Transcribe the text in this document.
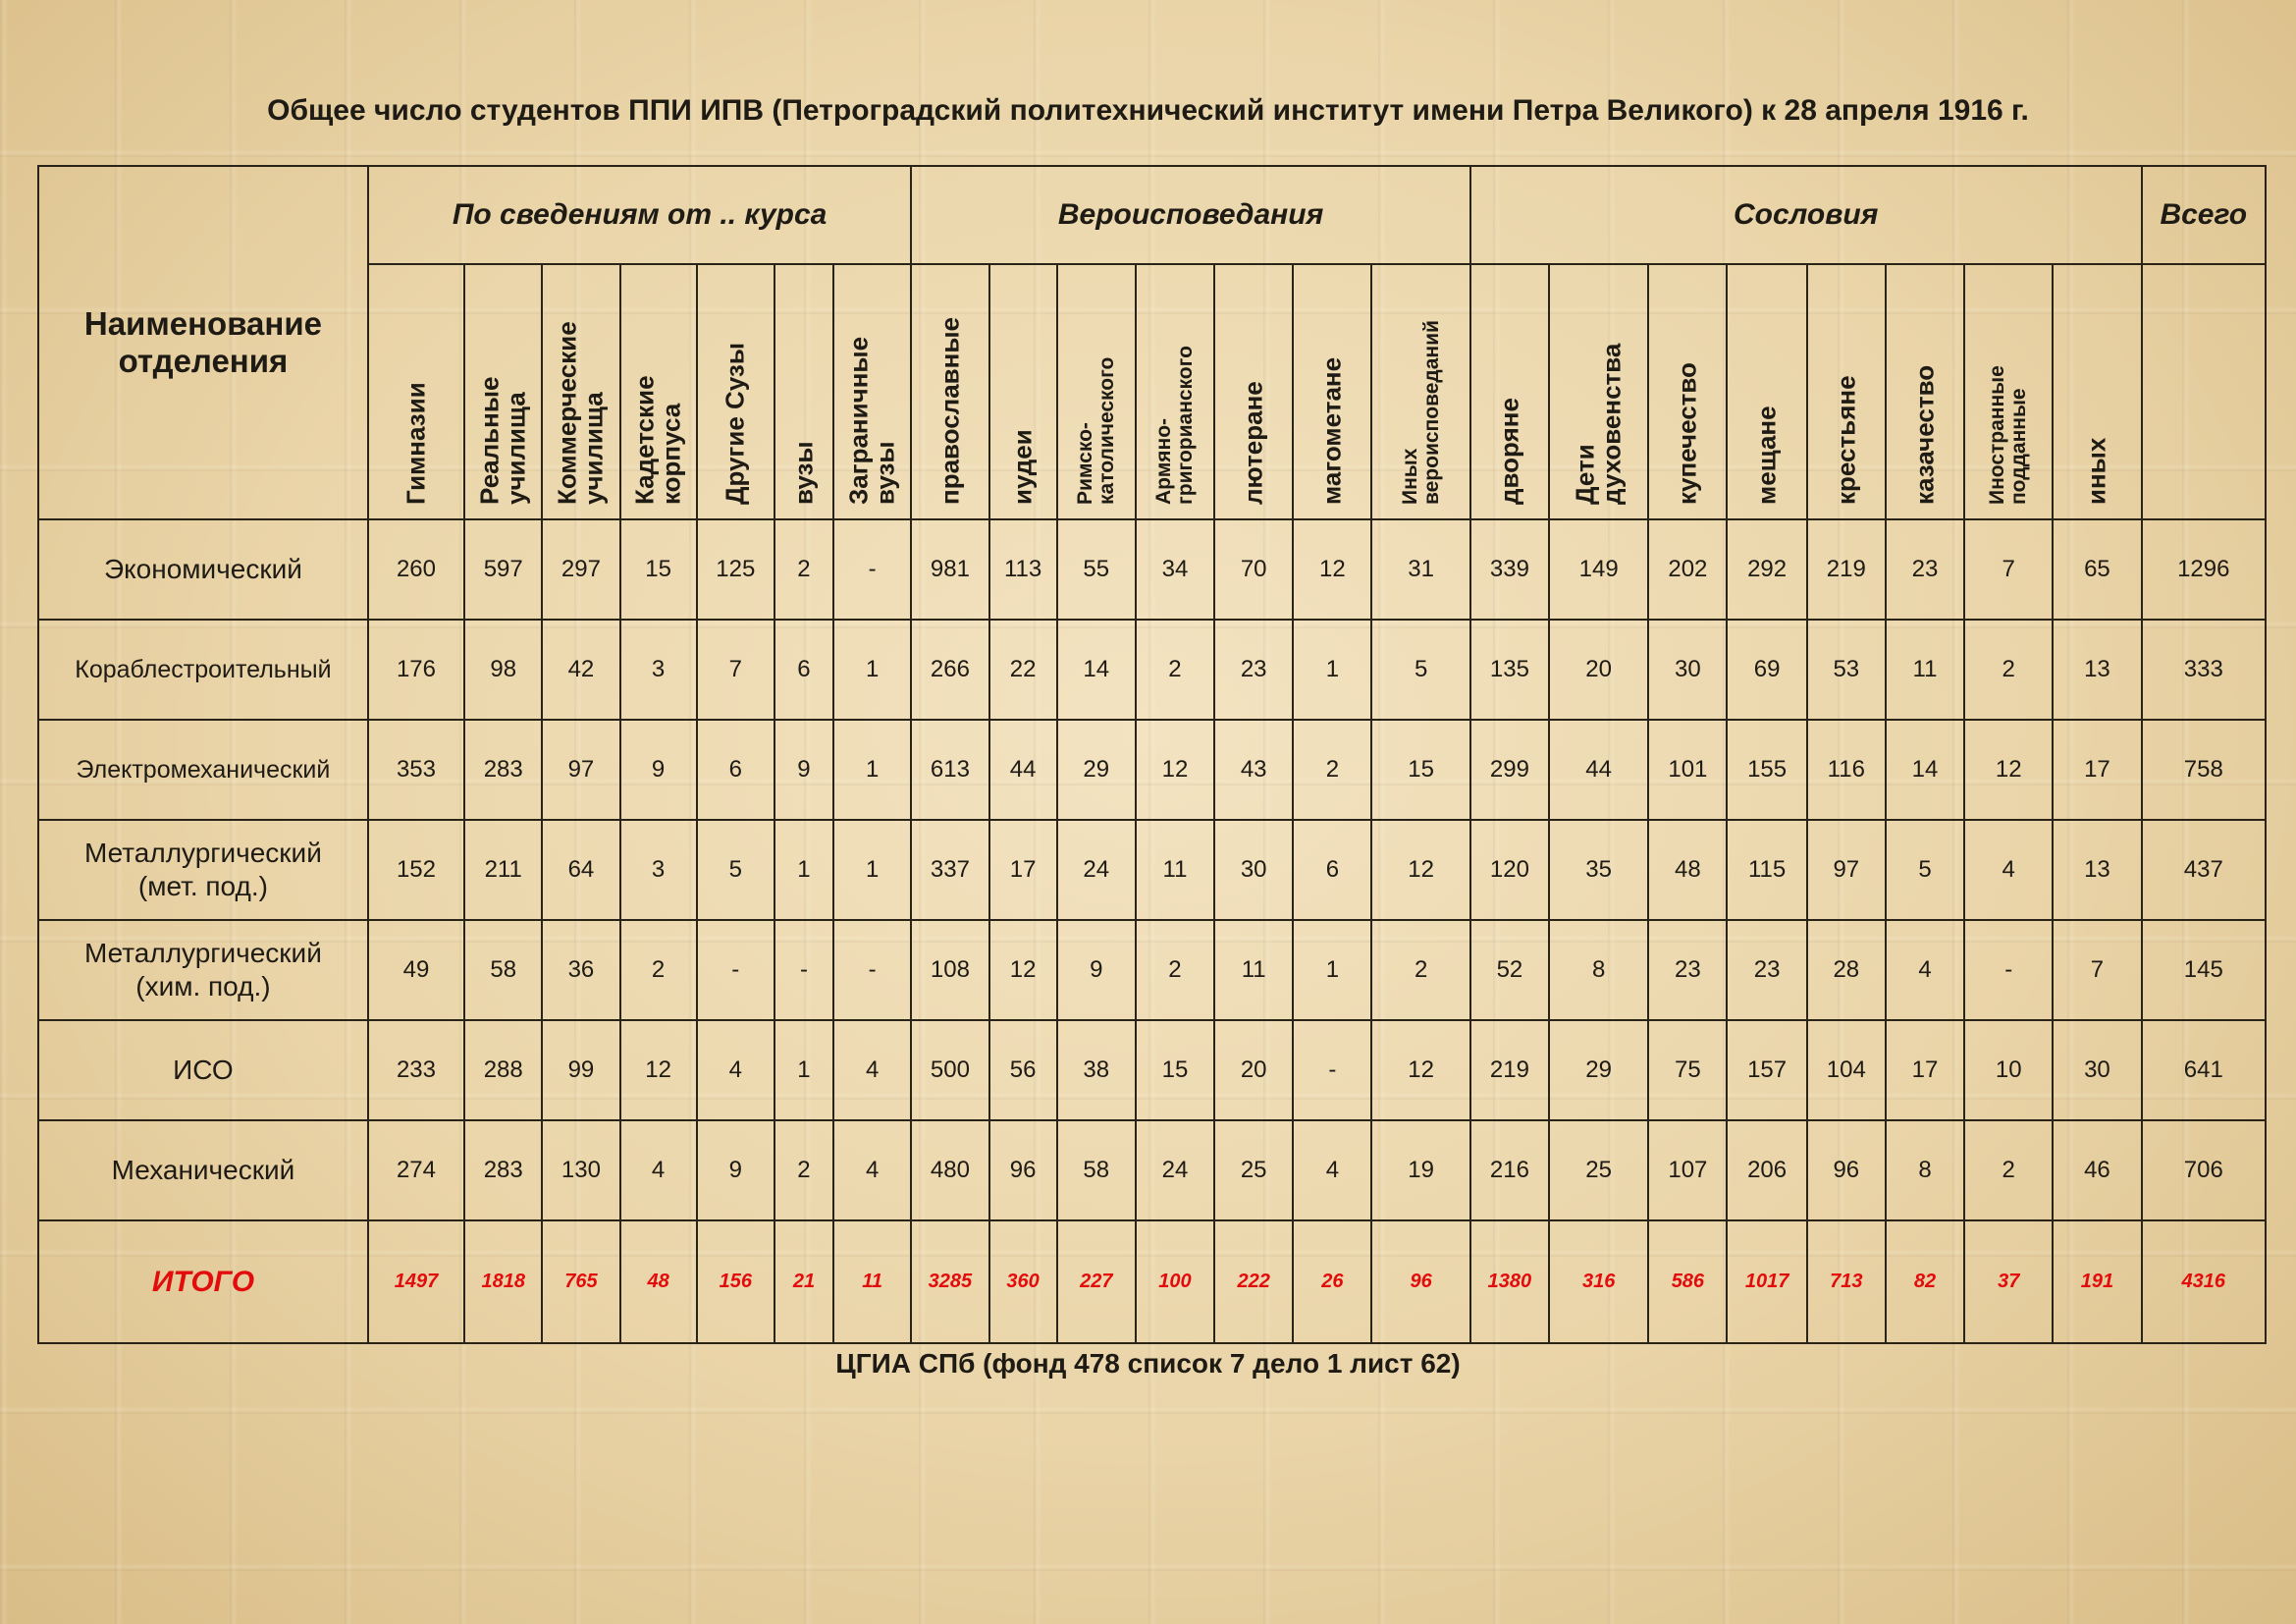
Общее число студентов ППИ ИПВ (Петроградский политехнический институт имени Петра Великого) к 28 апреля 1916 г.
Наименование
отделения	По сведениям от .. курса							Вероисповедания							Сословия								Всего

	Гимназии	Реальные
училища	Коммерческие
училища	Кадетские
корпуса	Другие Сузы	вузы	Заграничные
вузы	православные	иудеи	Римско-
католического	Армяно-
григорианского	лютеране	магометане	Иных
вероисповеданий	дворяне	Дети
духовенства	купечество	мещане	крестьяне	казачество	Иностранные
подданные	иных	

Экономический	260	597	297	15	125	2	-	981	113	55	34	70	12	31	339	149	202	292	219	23	7	65	1296
Кораблестроительный	176	98	42	3	7	6	1	266	22	14	2	23	1	5	135	20	30	69	53	11	2	13	333
Электромеханический	353	283	97	9	6	9	1	613	44	29	12	43	2	15	299	44	101	155	116	14	12	17	758
Металлургический
(мет. под.)	152	211	64	3	5	1	1	337	17	24	11	30	6	12	120	35	48	115	97	5	4	13	437
Металлургический
(хим. под.)	49	58	36	2	-	-	-	108	12	9	2	11	1	2	52	8	23	23	28	4	-	7	145
ИСО	233	288	99	12	4	1	4	500	56	38	15	20	-	12	219	29	75	157	104	17	10	30	641
Механический	274	283	130	4	9	2	4	480	96	58	24	25	4	19	216	25	107	206	96	8	2	46	706
ИТОГО	1497	1818	765	48	156	21	11	3285	360	227	100	222	26	96	1380	316	586	1017	713	82	37	191	4316
ЦГИА СПб (фонд 478 список 7 дело 1 лист 62)
